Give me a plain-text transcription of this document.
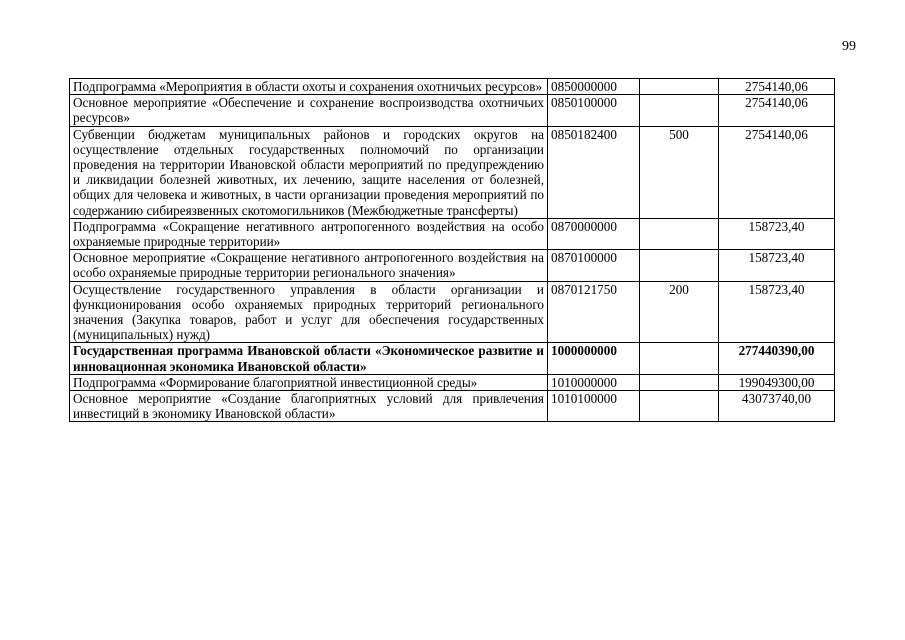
99
Подпрограмма «Мероприятия в области охоты и сохранения охотничьих ресурсов»	0850000000		2754140,06
Основное мероприятие «Обеспечение и сохранение воспроизводства охотничьих ресурсов»	0850100000		2754140,06
Субвенции бюджетам муниципальных районов и городских округов на осуществление отдельных государственных полномочий по организации проведения на территории Ивановской области мероприятий по предупреждению и ликвидации болезней животных, их лечению, защите населения от болезней, общих для человека и животных, в части организации проведения мероприятий по содержанию сибиреязвенных скотомогильников (Межбюджетные трансферты)	0850182400	500	2754140,06
Подпрограмма «Сокращение негативного антропогенного воздействия на особо охраняемые природные территории»	0870000000		158723,40
Основное мероприятие «Сокращение негативного антропогенного воздействия на особо охраняемые природные территории регионального значения»	0870100000		158723,40
Осуществление государственного управления в области организации и функционирования особо охраняемых природных территорий регионального значения (Закупка товаров, работ и услуг для обеспечения государственных (муниципальных) нужд)	0870121750	200	158723,40
Государственная программа Ивановской области «Экономическое развитие и инновационная экономика Ивановской области»	1000000000		277440390,00
Подпрограмма «Формирование благоприятной инвестиционной среды»	1010000000		199049300,00
Основное мероприятие «Создание благоприятных условий для привлечения инвестиций в экономику Ивановской области»	1010100000		43073740,00
